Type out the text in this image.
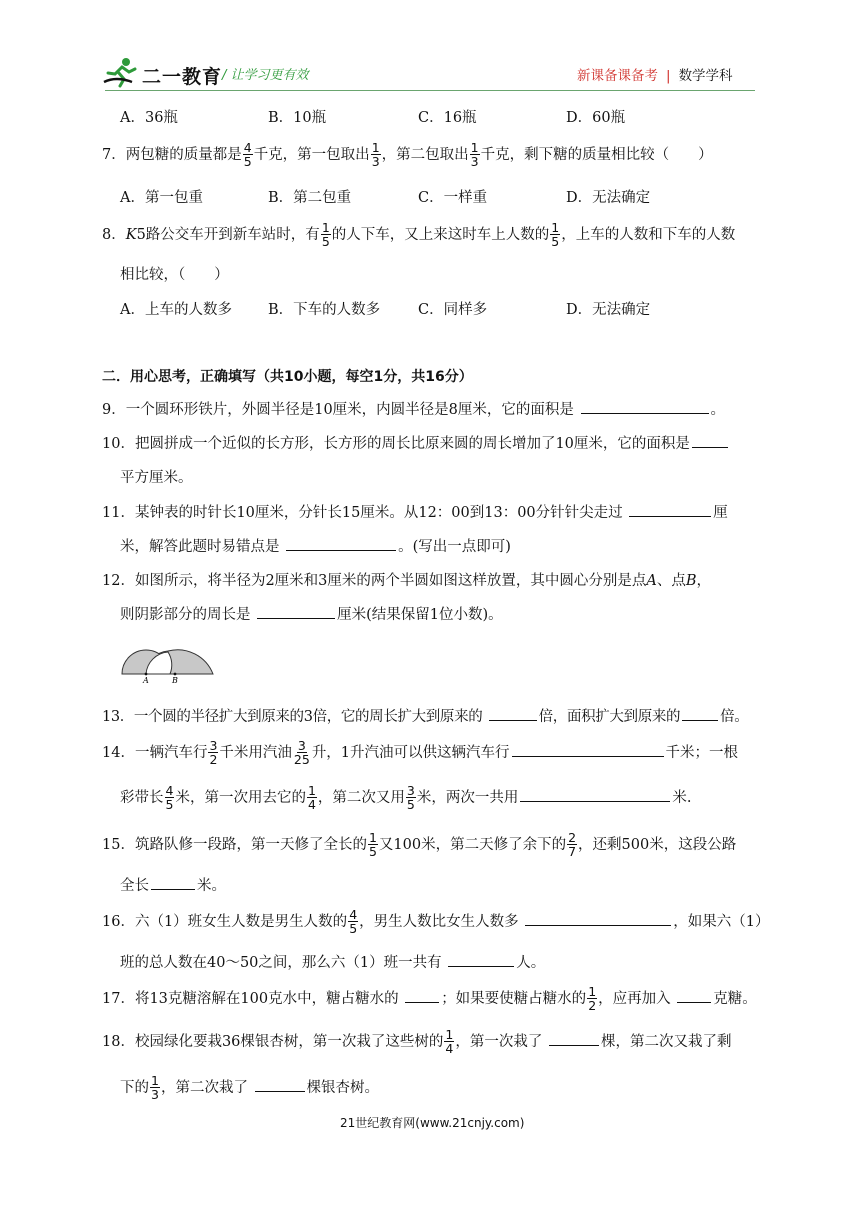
二一教育 / 让学习更有效	新课备课备考 | 数学学科
A．36瓶	B．10瓶	C．16瓶	D．60瓶
7．两包糖的质量都是 $\frac{4}{5}$ 千克，第一包取出 $\frac{1}{3}$ ，第二包取出 $\frac{1}{3}$ 千克，剩下糖的质量相比较（　　）
A．第一包重	B．第二包重	C．一样重	D．无法确定
8．K5路公交车开到新车站时，有 $\frac{1}{5}$ 的人下车，又上来这时车上人数的 $\frac{1}{5}$ ，上车的人数和下车的人数
相比较，（　　）
A．上车的人数多 B．下车的人数多	C．同样多	D．无法确定
二．用心思考，正确填写（共10小题，每空1分，共16分）
9．一个圆环形铁片，外圆半径是10厘米，内圆半径是8厘米，它的面积是	。
10．把圆拼成一个近似的长方形，长方形的周长比原来圆的周长增加了10厘米，它的面积是
平方厘米。
11．某钟表的时针长10厘米，分针长15厘米。从12：00到13：00分针针尖走过	厘
米，解答此题时易错点是	。(写出一点即可)
12．如图所示，将半径为2厘米和3厘米的两个半圆如图这样放置，其中圆心分别是点A、点B，
则阴影部分的周长是	厘米(结果保留1位小数)。
A	B
13．一个圆的半径扩大到原来的3倍，它的周长扩大到原来的	倍，面积扩大到原来的	倍。
14．一辆汽车行 $\frac{3}{2}$ 千米用汽油 $\frac{3}{25}$ 升，1升汽油可以供这辆汽车行	千米；一根
彩带长 $\frac{4}{5}$ 米，第一次用去它的 $\frac{1}{4}$ ，第二次又用 $\frac{3}{5}$ 米，两次一共用	米.
15．筑路队修一段路，第一天修了全长的 $\frac{1}{5}$ 又100米，第二天修了余下的 $\frac{2}{7}$ ，还剩500米，这段公路
全长	米。
16．六（1）班女生人数是男生人数的 $\frac{4}{5}$ ，男生人数比女生人数多	，如果六（1）
班的总人数在40～50之间，那么六（1）班一共有	人。
17．将13克糖溶解在100克水中，糖占糖水的	；如果要使糖占糖水的 $\frac{1}{2}$ ，应再加入	克糖。
18．校园绿化要栽36棵银杏树，第一次栽了这些树的 $\frac{1}{4}$ ，第一次栽了	棵，第二次又栽了剩
下的 $\frac{1}{3}$ ，第二次栽了	棵银杏树。
21世纪教育网(www.21cnjy.com)
